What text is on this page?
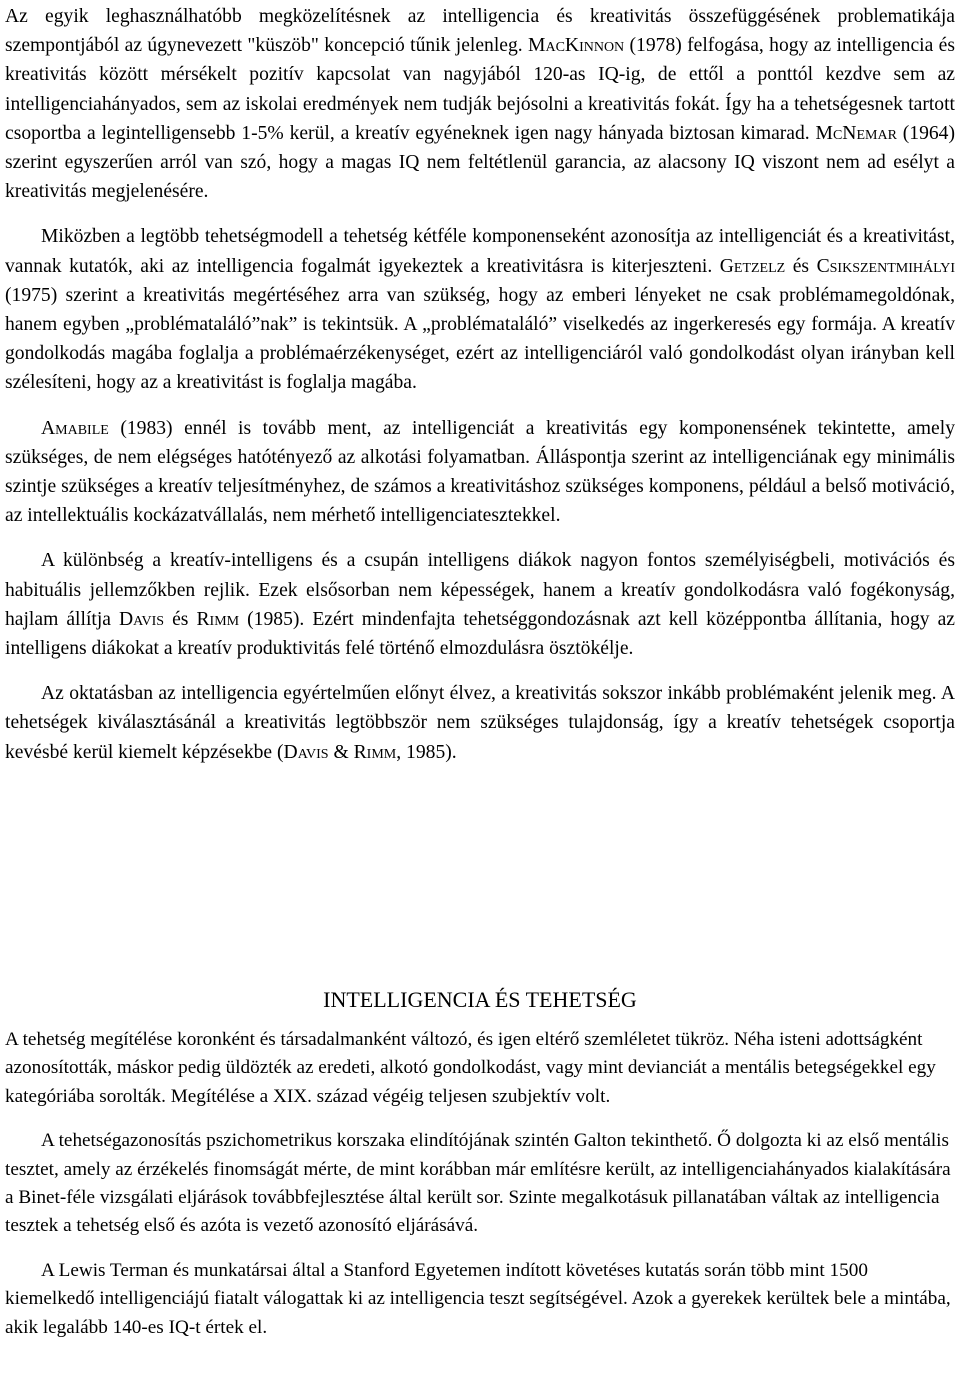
Az egyik leghasználhatóbb megközelítésnek az intelligencia és kreativitás összefüggésének problematikája szempontjából az úgynevezett "küszöb" koncepció tűnik jelenleg. MacKinnon (1978) felfogása, hogy az intelligencia és kreativitás között mérsékelt pozitív kapcsolat van nagyjából 120-as IQ-ig, de ettől a ponttól kezdve sem az intelligenciahányados, sem az iskolai eredmények nem tudják bejósolni a kreativitás fokát. Így ha a tehetségesnek tartott csoportba a legintelligensebb 1-5% kerül, a kreatív egyéneknek igen nagy hányada biztosan kimarad. McNemar (1964) szerint egyszerűen arról van szó, hogy a magas IQ nem feltétlenül garancia, az alacsony IQ viszont nem ad esélyt a kreativitás megjelenésére.

Miközben a legtöbb tehetségmodell a tehetség kétféle komponenseként azonosítja az intelligenciát és a kreativitást, vannak kutatók, aki az intelligencia fogalmát igyekeztek a kreativitásra is kiterjeszteni. Getzelz és Csikszentmihályi (1975) szerint a kreativitás megértéséhez arra van szükség, hogy az emberi lényeket ne csak problémamegoldónak, hanem egyben „problémataláló”nak” is tekintsük. A „problémataláló” viselkedés az ingerkeresés egy formája. A kreatív gondolkodás magába foglalja a problémaérzékenységet, ezért az intelligenciáról való gondolkodást olyan irányban kell szélesíteni, hogy az a kreativitást is foglalja magába.

Amabile (1983) ennél is tovább ment, az intelligenciát a kreativitás egy komponensének tekintette, amely szükséges, de nem elégséges hatótényező az alkotási folyamatban. Álláspontja szerint az intelligenciának egy minimális szintje szükséges a kreatív teljesítményhez, de számos a kreativitáshoz szükséges komponens, például a belső motiváció, az intellektuális kockázatvállalás, nem mérhető intelligenciatesztekkel.

A különbség a kreatív-intelligens és a csupán intelligens diákok nagyon fontos személyiségbeli, motivációs és habituális jellemzőkben rejlik. Ezek elsősorban nem képességek, hanem a kreatív gondolkodásra való fogékonyság, hajlam állítja Davis és Rimm (1985). Ezért mindenfajta tehetséggondozásnak azt kell középpontba állítania, hogy az intelligens diákokat a kreatív produktivitás felé történő elmozdulásra ösztökélje.

Az oktatásban az intelligencia egyértelműen előnyt élvez, a kreativitás sokszor inkább problémaként jelenik meg. A tehetségek kiválasztásánál a kreativitás legtöbbször nem szükséges tulajdonság, így a kreatív tehetségek csoportja kevésbé kerül kiemelt képzésekbe (Davis & Rimm, 1985).

INTELLIGENCIA ÉS TEHETSÉG

A tehetség megítélése koronként és társadalmanként változó, és igen eltérő szemléletet tükröz. Néha isteni adottságként azonosították, máskor pedig üldözték az eredeti, alkotó gondolkodást, vagy mint devianciát a mentális betegségekkel egy kategóriába sorolták. Megítélése a XIX. század végéig teljesen szubjektív volt.

A tehetségazonosítás pszichometrikus korszaka elindítójának szintén Galton tekinthető. Ő dolgozta ki az első mentális tesztet, amely az érzékelés finomságát mérte, de mint korábban már említésre került, az intelligenciahányados kialakítására a Binet-féle vizsgálati eljárások továbbfejlesztése által került sor. Szinte megalkotásuk pillanatában váltak az intelligencia tesztek a tehetség első és azóta is vezető azonosító eljárásává.

A Lewis Terman és munkatársai által a Stanford Egyetemen indított követéses kutatás során több mint 1500 kiemelkedő intelligenciájú fiatalt válogattak ki az intelligencia teszt segítségével. Azok a gyerekek kerültek bele a mintába, akik legalább 140-es IQ-t értek el.
